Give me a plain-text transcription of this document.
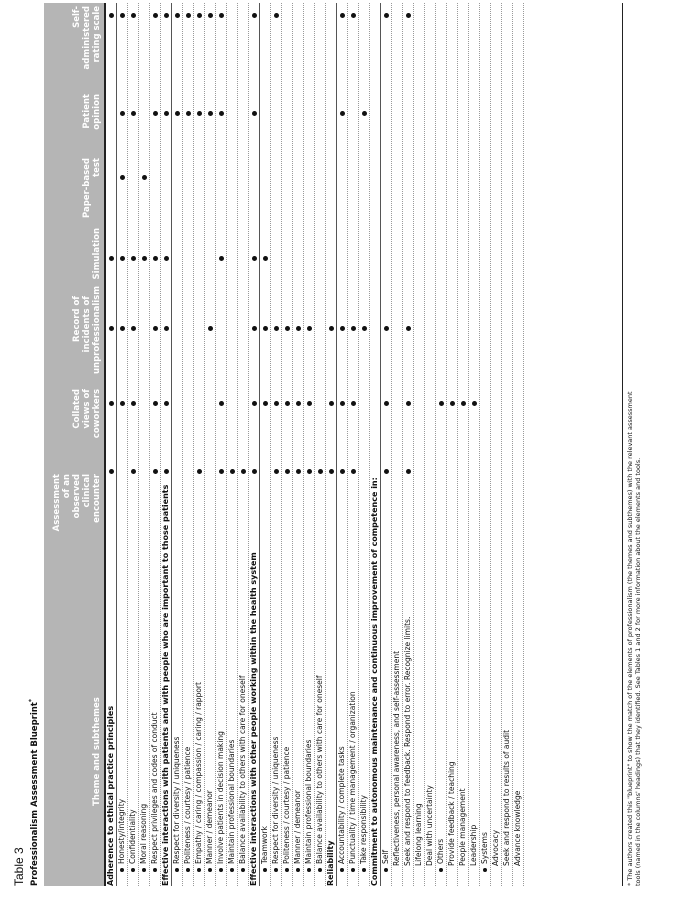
Table 3 Professionalism Assessment Blueprint*	Theme and subthemes
Assessment of an observed clinical encounter
Collated views of coworkers
Record of incidents of unprofessionalism
Simulation
Paper-based test
Patient opinion
Self-administered rating scale
Adherence to ethical practice principles Honesty/integrity Confidentiality Moral reasoning Respect privileges and codes of conduct Effective interactions with patients and with people who are important to those patients Respect for diversity / uniqueness Politeness / courtesy / patience Empathy / caring / compassion / caring / rapport Manner / demeanor Involve patients in decision making Maintain professional boundaries Balance availability to others with care for oneself Effective interactions with other people working within the health system Teamwork Respect for diversity / uniqueness Politeness / courtesy / patience Manner / demeanor Maintain professional boundaries Balance availability to others with care for oneself Reliability Accountability / complete tasks Punctuality / time management / organization Take responsibility Commitment to autonomous maintenance and continuous improvement of competence in: Self Reflectiveness, personal awareness, and self-assessment Seek and respond to feedback. Respond to error. Recognize limits. Lifelong learning Deal with uncertainty Others Provide feedback / teaching People management Leadership Systems Advocacy Seek and respond to results of audit Advance knowledge	* The authors created this "blueprint" to show the match of the elements of professionalism (the themes and subthemes) with the relevant assessment tools (named in the columns' headings) that they identified. See Tables 1 and 2 for more information about the elements and tools.
